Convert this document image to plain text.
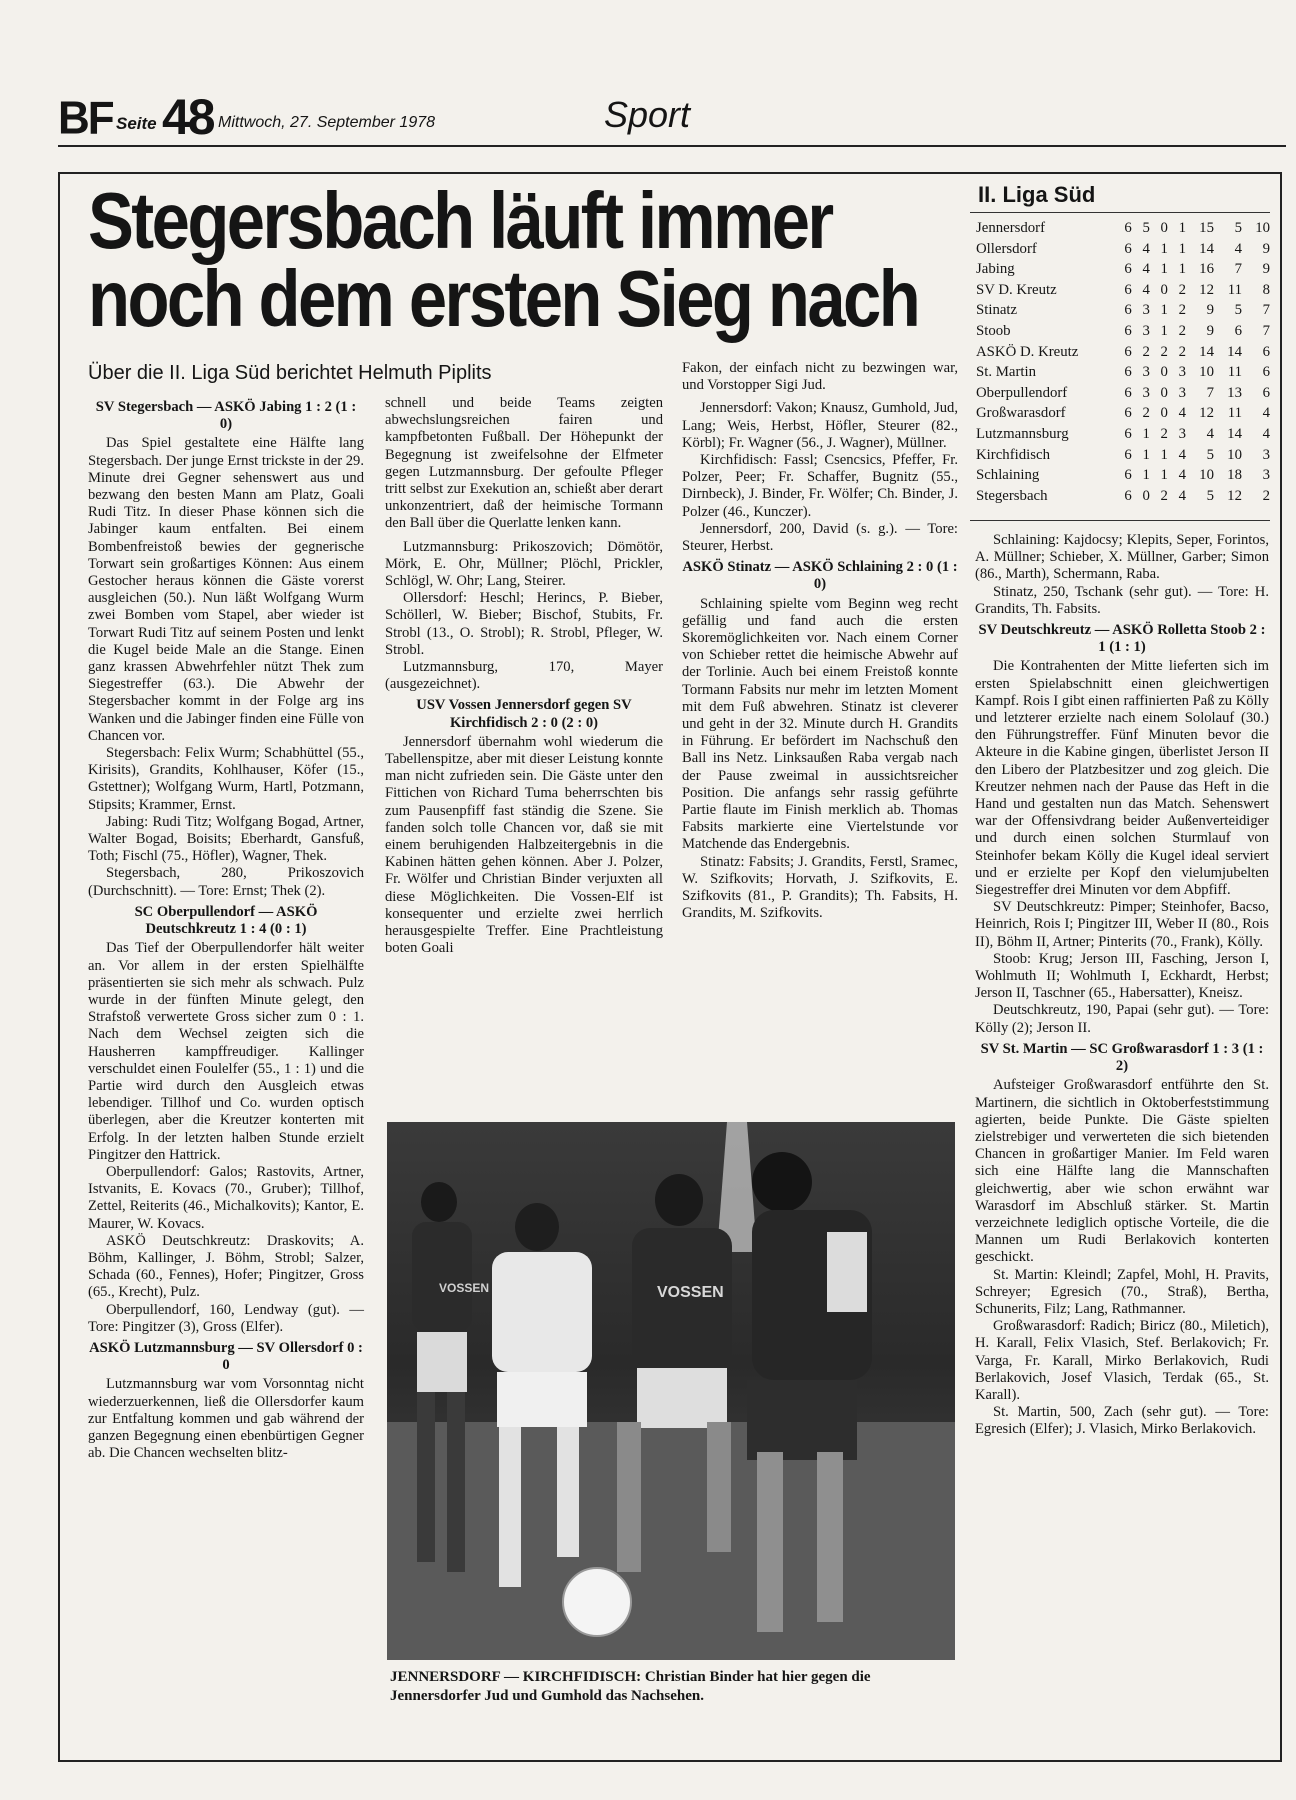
BF Seite 48 Mittwoch, 27. September 1978	Sport
Stegersbach läuft immer
noch dem ersten Sieg nach
Über die II. Liga Süd berichtet Helmuth Piplits
SV Stegersbach — ASKÖ Jabing 1 : 2 (1 : 0)

Das Spiel gestaltete eine Hälfte lang Stegersbach. Der junge Ernst trickste in der 29. Minute drei Gegner sehenswert aus und bezwang den besten Mann am Platz, Goali Rudi Titz. In dieser Phase können sich die Jabinger kaum entfalten. Bei einem Bombenfreistoß bewies der gegnerische Torwart sein großartiges Können: Aus einem Gestocher heraus können die Gäste vorerst ausgleichen (50.). Nun läßt Wolfgang Wurm zwei Bomben vom Stapel, aber wieder ist Torwart Rudi Titz auf seinem Posten und lenkt die Kugel beide Male an die Stange. Einen ganz krassen Abwehrfehler nützt Thek zum Siegestreffer (63.). Die Abwehr der Stegersbacher kommt in der Folge arg ins Wanken und die Jabinger finden eine Fülle von Chancen vor.

Stegersbach: Felix Wurm; Schabhüttel (55., Kirisits), Grandits, Kohlhauser, Köfer (15., Gstettner); Wolfgang Wurm, Hartl, Potzmann, Stipsits; Krammer, Ernst.

Jabing: Rudi Titz; Wolfgang Bogad, Artner, Walter Bogad, Boisits; Eberhardt, Gansfuß, Toth; Fischl (75., Höfler), Wagner, Thek.

Stegersbach, 280, Prikoszovich (Durchschnitt). — Tore: Ernst; Thek (2).

SC Oberpullendorf — ASKÖ Deutschkreutz 1 : 4 (0 : 1)

Das Tief der Oberpullendorfer hält weiter an. Vor allem in der ersten Spielhälfte präsentierten sie sich mehr als schwach. Pulz wurde in der fünften Minute gelegt, den Strafstoß verwertete Gross sicher zum 0 : 1. Nach dem Wechsel zeigten sich die Hausherren kampffreudiger. Kallinger verschuldet einen Foulelfer (55., 1 : 1) und die Partie wird durch den Ausgleich etwas lebendiger. Tillhof und Co. wurden optisch überlegen, aber die Kreutzer konterten mit Erfolg. In der letzten halben Stunde erzielt Pingitzer den Hattrick.

Oberpullendorf: Galos; Rastovits, Artner, Istvanits, E. Kovacs (70., Gruber); Tillhof, Zettel, Reiterits (46., Michalkovits); Kantor, E. Maurer, W. Kovacs.

ASKÖ Deutschkreutz: Draskovits; A. Böhm, Kallinger, J. Böhm, Strobl; Salzer, Schada (60., Fennes), Hofer; Pingitzer, Gross (65., Krecht), Pulz.

Oberpullendorf, 160, Lendway (gut). — Tore: Pingitzer (3), Gross (Elfer).

ASKÖ Lutzmannsburg — SV Ollersdorf 0 : 0

Lutzmannsburg war vom Vorsonntag nicht wiederzuerkennen, ließ die Ollersdorfer kaum zur Entfaltung kommen und gab während der ganzen Begegnung einen ebenbürtigen Gegner ab. Die Chancen wechselten blitz-

schnell und beide Teams zeigten abwechslungsreichen fairen und kampfbetonten Fußball. Der Höhepunkt der Begegnung ist zweifelsohne der Elfmeter gegen Lutzmannsburg. Der gefoulte Pfleger tritt selbst zur Exekution an, schießt aber derart unkonzentriert, daß der heimische Tormann den Ball über die Querlatte lenken kann.

Lutzmannsburg: Prikoszovich; Dömötör, Mörk, E. Ohr, Müllner; Plöchl, Prickler, Schlögl, W. Ohr; Lang, Steirer.

Ollersdorf: Heschl; Herincs, P. Bieber, Schöllerl, W. Bieber; Bischof, Stubits, Fr. Strobl (13., O. Strobl); R. Strobl, Pfleger, W. Strobl.

Lutzmannsburg, 170, Mayer (ausgezeichnet).

USV Vossen Jennersdorf gegen SV Kirchfidisch 2 : 0 (2 : 0)

Jennersdorf übernahm wohl wiederum die Tabellenspitze, aber mit dieser Leistung konnte man nicht zufrieden sein. Die Gäste unter den Fittichen von Richard Tuma beherrschten bis zum Pausenpfiff fast ständig die Szene. Sie fanden solch tolle Chancen vor, daß sie mit einem beruhigenden Halbzeitergebnis in die Kabinen hätten gehen können. Aber J. Polzer, Fr. Wölfer und Christian Binder verjuxten all diese Möglichkeiten. Die Vossen-Elf ist konsequenter und erzielte zwei herrlich herausgespielte Treffer. Eine Prachtleistung boten Goali

Fakon, der einfach nicht zu bezwingen war, und Vorstopper Sigi Jud.

Jennersdorf: Vakon; Knausz, Gumhold, Jud, Lang; Weis, Herbst, Höfler, Steurer (82., Körbl); Fr. Wagner (56., J. Wagner), Müllner.

Kirchfidisch: Fassl; Csencsics, Pfeffer, Fr. Polzer, Peer; Fr. Schaffer, Bugnitz (55., Dirnbeck), J. Binder, Fr. Wölfer; Ch. Binder, J. Polzer (46., Kunczer).

Jennersdorf, 200, David (s. g.). — Tore: Steurer, Herbst.

ASKÖ Stinatz — ASKÖ Schlaining 2 : 0 (1 : 0)

Schlaining spielte vom Beginn weg recht gefällig und fand auch die ersten Skoremöglichkeiten vor. Nach einem Corner von Schieber rettet die heimische Abwehr auf der Torlinie. Auch bei einem Freistoß konnte Tormann Fabsits nur mehr im letzten Moment mit dem Fuß abwehren. Stinatz ist cleverer und geht in der 32. Minute durch H. Grandits in Führung. Er befördert im Nachschuß den Ball ins Netz. Linksaußen Raba vergab nach der Pause zweimal in aussichtsreicher Position. Die anfangs sehr rassig geführte Partie flaute im Finish merklich ab. Thomas Fabsits markierte eine Viertelstunde vor Matchende das Endergebnis.

Stinatz: Fabsits; J. Grandits, Ferstl, Sramec, W. Szifkovits; Horvath, J. Szifkovits, E. Szifkovits (81., P. Grandits); Th. Fabsits, H. Grandits, M. Szifkovits.

VOSSEN
VOSSEN
JENNERSDORF — KIRCHFIDISCH: Christian Binder hat hier gegen die Jennersdorfer Jud und Gumhold das Nachsehen.
II. Liga Süd
Jennersdorf	6	5	0	1	15	5	10
Ollersdorf	6	4	1	1	14	4	9
Jabing	6	4	1	1	16	7	9
SV D. Kreutz	6	4	0	2	12	11	8
Stinatz	6	3	1	2	9	5	7
Stoob	6	3	1	2	9	6	7
ASKÖ D. Kreutz	6	2	2	2	14	14	6
St. Martin	6	3	0	3	10	11	6
Oberpullendorf	6	3	0	3	7	13	6
Großwarasdorf	6	2	0	4	12	11	4
Lutzmannsburg	6	1	2	3	4	14	4
Kirchfidisch	6	1	1	4	5	10	3
Schlaining	6	1	1	4	10	18	3
Stegersbach	6	0	2	4	5	12	2

Schlaining: Kajdocsy; Klepits, Seper, Forintos, A. Müllner; Schieber, X. Müllner, Garber; Simon (86., Marth), Schermann, Raba.

Stinatz, 250, Tschank (sehr gut). — Tore: H. Grandits, Th. Fabsits.

SV Deutschkreutz — ASKÖ Rolletta Stoob 2 : 1 (1 : 1)

Die Kontrahenten der Mitte lieferten sich im ersten Spielabschnitt einen gleichwertigen Kampf. Rois I gibt einen raffinierten Paß zu Kölly und letzterer erzielte nach einem Sololauf (30.) den Führungstreffer. Fünf Minuten bevor die Akteure in die Kabine gingen, überlistet Jerson II den Libero der Platzbesitzer und zog gleich. Die Kreutzer nehmen nach der Pause das Heft in die Hand und gestalten nun das Match. Sehenswert war der Offensivdrang beider Außenverteidiger und durch einen solchen Sturmlauf von Steinhofer bekam Kölly die Kugel ideal serviert und er erzielte per Kopf den vielumjubelten Siegestreffer drei Minuten vor dem Abpfiff.

SV Deutschkreutz: Pimper; Steinhofer, Bacso, Heinrich, Rois I; Pingitzer III, Weber II (80., Rois II), Böhm II, Artner; Pinterits (70., Frank), Kölly.

Stoob: Krug; Jerson III, Fasching, Jerson I, Wohlmuth II; Wohlmuth I, Eckhardt, Herbst; Jerson II, Taschner (65., Habersatter), Kneisz.

Deutschkreutz, 190, Papai (sehr gut). — Tore: Kölly (2); Jerson II.

SV St. Martin — SC Großwarasdorf 1 : 3 (1 : 2)

Aufsteiger Großwarasdorf entführte den St. Martinern, die sichtlich in Oktoberfeststimmung agierten, beide Punkte. Die Gäste spielten zielstrebiger und verwerteten die sich bietenden Chancen in großartiger Manier. Im Feld waren sich eine Hälfte lang die Mannschaften gleichwertig, aber wie schon erwähnt war Warasdorf im Abschluß stärker. St. Martin verzeichnete lediglich optische Vorteile, die die Mannen um Rudi Berlakovich konterten geschickt.

St. Martin: Kleindl; Zapfel, Mohl, H. Pravits, Schreyer; Egresich (70., Straß), Bertha, Schunerits, Filz; Lang, Rathmanner.

Großwarasdorf: Radich; Biricz (80., Miletich), H. Karall, Felix Vlasich, Stef. Berlakovich; Fr. Varga, Fr. Karall, Mirko Berlakovich, Rudi Berlakovich, Josef Vlasich, Terdak (65., St. Karall).

St. Martin, 500, Zach (sehr gut). — Tore: Egresich (Elfer); J. Vlasich, Mirko Berlakovich.
